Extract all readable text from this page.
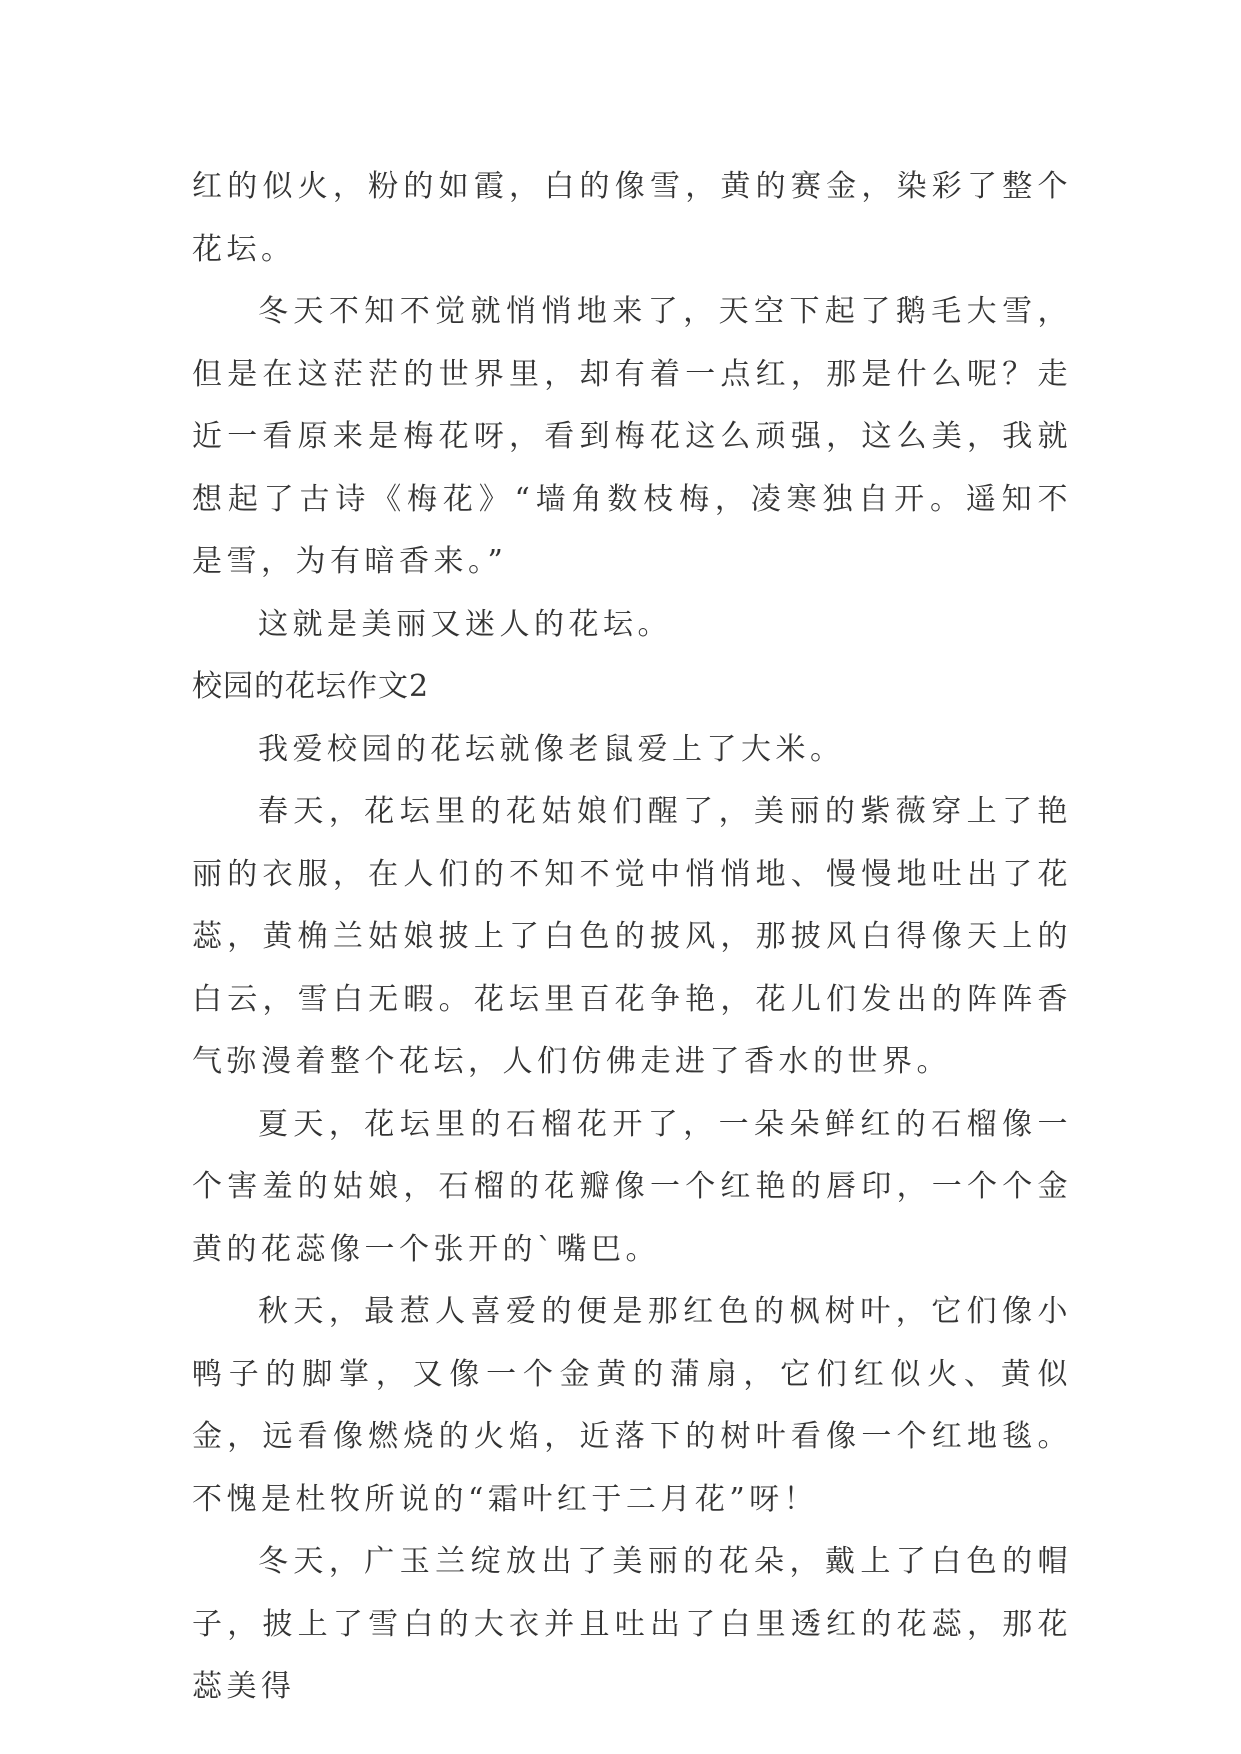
红的似火，粉的如霞，白的像雪，黄的赛金，染彩了整个花坛。

冬天不知不觉就悄悄地来了，天空下起了鹅毛大雪，但是在这茫茫的世界里，却有着一点红，那是什么呢？走近一看原来是梅花呀，看到梅花这么顽强，这么美，我就想起了古诗《梅花》“墙角数枝梅，凌寒独自开。遥知不是雪，为有暗香来。”

这就是美丽又迷人的花坛。

校园的花坛作文2

我爱校园的花坛就像老鼠爱上了大米。

春天，花坛里的花姑娘们醒了，美丽的紫薇穿上了艳丽的衣服，在人们的不知不觉中悄悄地、慢慢地吐出了花蕊，黄桷兰姑娘披上了白色的披风，那披风白得像天上的白云，雪白无暇。花坛里百花争艳，花儿们发出的阵阵香气弥漫着整个花坛，人们仿佛走进了香水的世界。

夏天，花坛里的石榴花开了，一朵朵鲜红的石榴像一个害羞的姑娘，石榴的花瓣像一个红艳的唇印，一个个金黄的花蕊像一个张开的`嘴巴。

秋天，最惹人喜爱的便是那红色的枫树叶，它们像小鸭子的脚掌，又像一个金黄的蒲扇，它们红似火、黄似金，远看像燃烧的火焰，近落下的树叶看像一个红地毯。不愧是杜牧所说的“霜叶红于二月花”呀！

冬天，广玉兰绽放出了美丽的花朵，戴上了白色的帽子，披上了雪白的大衣并且吐出了白里透红的花蕊，那花蕊美得
